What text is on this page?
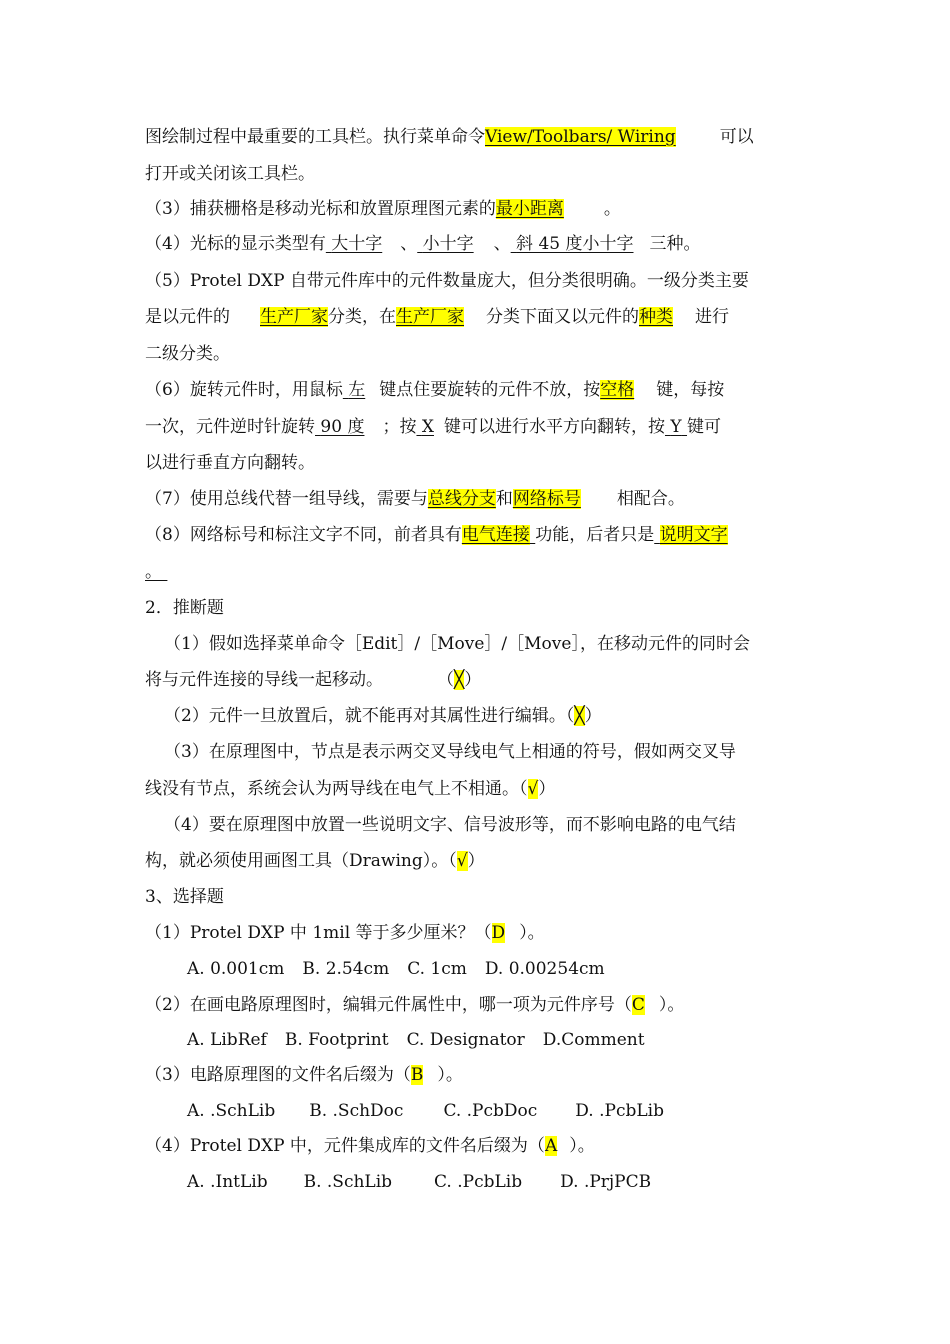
图绘制过程中最重要的工具栏。执行菜单命令View/Toolbars/ Wiring	可以
打开或关闭该工具栏。
（3）捕获栅格是移动光标和放置原理图元素的最小距离 。
（4）光标的显示类型有 大十字 、 小十字 、 斜 45 度小十字 三种。
（5）Protel DXP 自带元件库中的元件数量庞大，但分类很明确。一级分类主要
是以元件的 生产厂家分类，在生产厂家 分类下面又以元件的种类 进行
二级分类。
（6）旋转元件时，用鼠标 左 键点住要旋转的元件不放，按空格 键，每按
一次，元件逆时针旋转 90 度 ；按 X 键可以进行水平方向翻转，按 Y 键可
以进行垂直方向翻转。
（7）使用总线代替一组导线，需要与总线分支和网络标号 相配合。
（8）网络标号和标注文字不同，前者具有电气连接 功能，后者只是 说明文字
。
2．推断题
（1）假如选择菜单命令［Edit］/［Move］/［Move］，在移动元件的同时会
将与元件连接的导线一起移动。	（╳）
（2）元件一旦放置后，就不能再对其属性进行编辑。（╳）
（3）在原理图中，节点是表示两交叉导线电气上相通的符号，假如两交叉导
线没有节点，系统会认为两导线在电气上不相通。（√）
（4）要在原理图中放置一些说明文字、信号波形等，而不影响电路的电气结
构，就必须使用画图工具（Drawing）。（√）
3、选择题
（1）Protel DXP 中 1mil 等于多少厘米？（D ）。
A. 0.001cm B. 2.54cm C. 1cm D. 0.00254cm
（2）在画电路原理图时，编辑元件属性中，哪一项为元件序号（C ）。
A. LibRef B. Footprint C. Designator D.Comment
（3）电路原理图的文件名后缀为（B ）。
A. .SchLib B. .SchDoc C. .PcbDoc D. .PcbLib
（4）Protel DXP 中，元件集成库的文件名后缀为（A ）。
A. .IntLib B. .SchLib C. .PcbLib D. .PrjPCB
